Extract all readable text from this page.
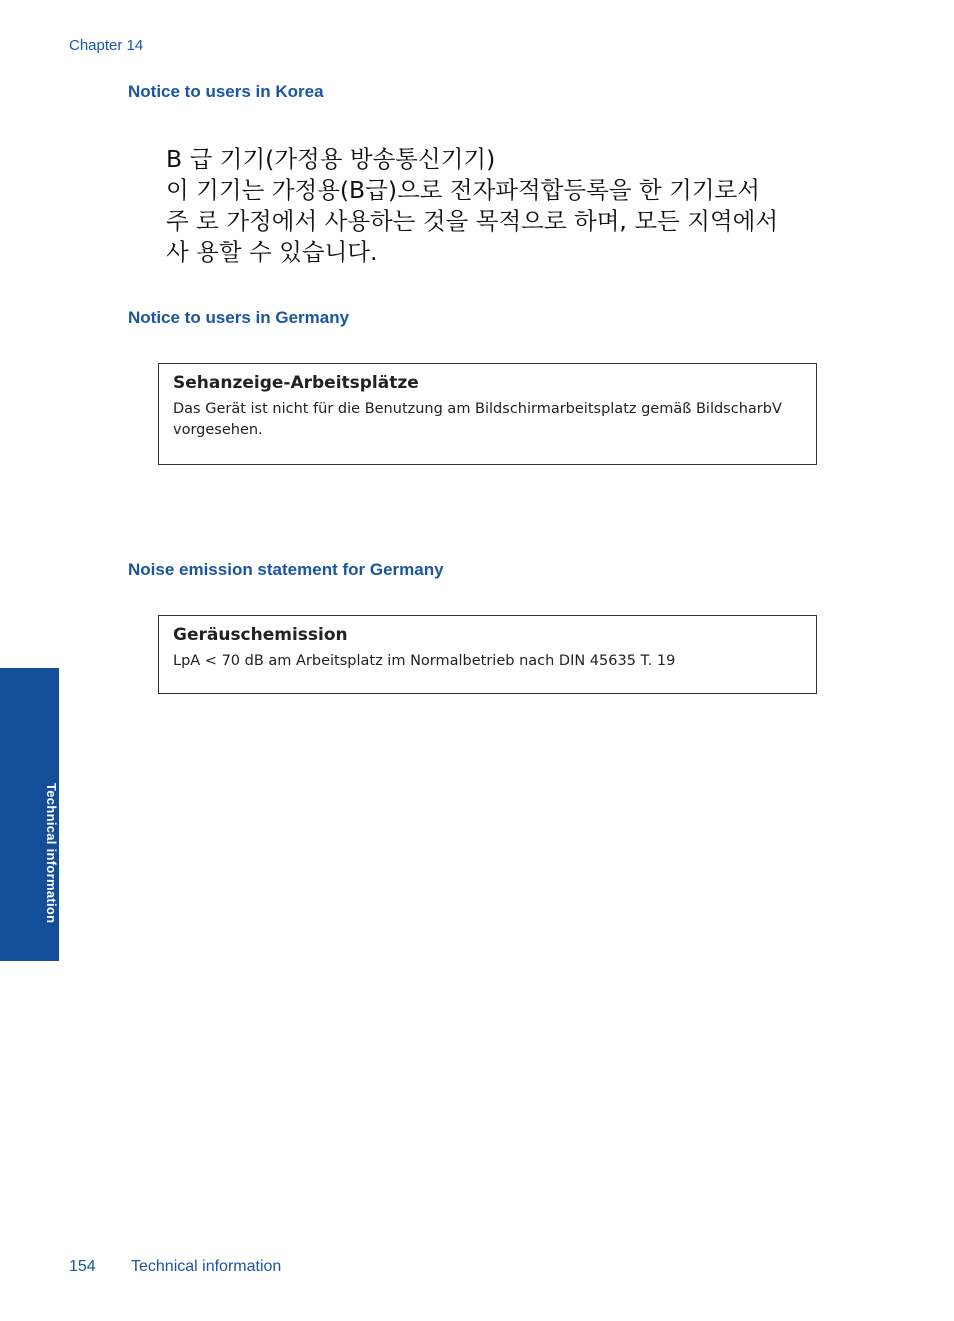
Chapter 14
Notice to users in Korea
B 급 기기(가정용 방송통신기기)
이 기기는 가정용(B급)으로 전자파적합등록을 한 기기로서
주 로 가정에서 사용하는 것을 목적으로 하며, 모든 지역에서
사 용할 수 있습니다.
Notice to users in Germany
Sehanzeige-Arbeitsplätze
Das Gerät ist nicht für die Benutzung am Bildschirmarbeitsplatz gemäß BildscharbV vorgesehen.
Noise emission statement for Germany
Geräuschemission
LpA < 70 dB am Arbeitsplatz im Normalbetrieb nach DIN 45635 T. 19
Technical information
154 Technical information
